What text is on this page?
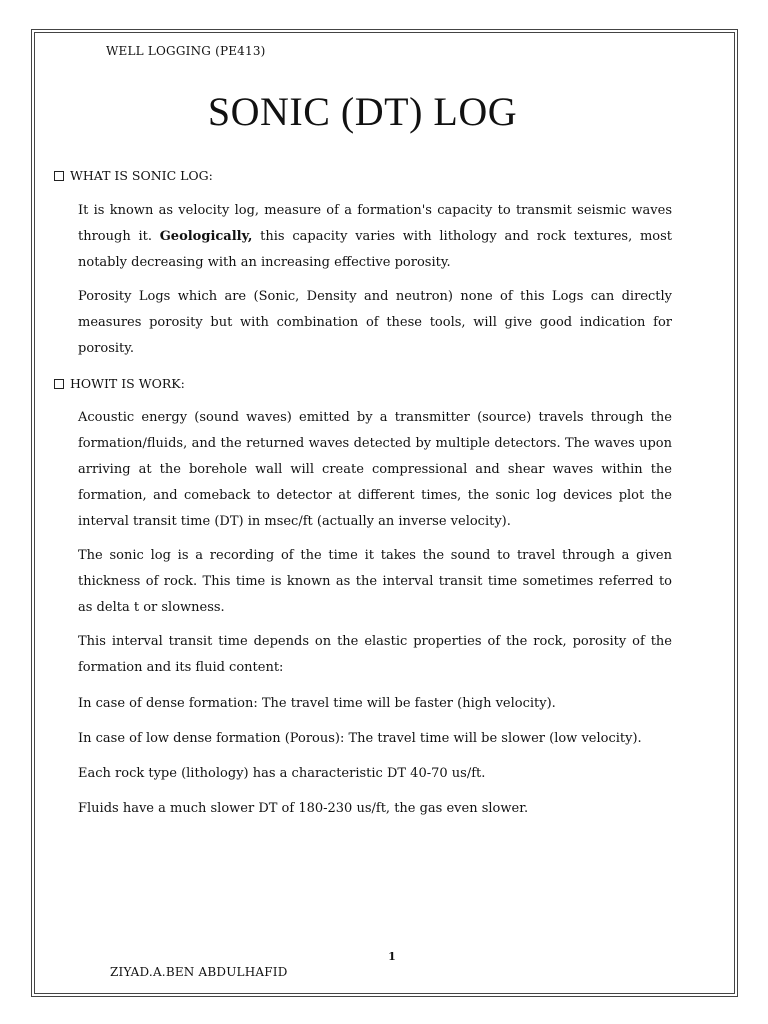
WELL LOGGING (PE413)
SONIC (DT) LOG
WHAT IS SONIC LOG:
It is known as velocity log, measure of a formation's capacity to transmit seismic waves through it. Geologically, this capacity varies with lithology and rock textures, most notably decreasing with an increasing effective porosity.
Porosity Logs which are (Sonic, Density and neutron) none of this Logs can directly measures porosity but with combination of these tools, will give good indication for porosity.
HOWIT IS WORK:
Acoustic energy (sound waves) emitted by a transmitter (source) travels through the formation/fluids, and the returned waves detected by multiple detectors. The waves upon arriving at the borehole wall will create compressional and shear waves within the formation, and comeback to detector at different times, the sonic log devices plot the interval transit time (DT) in msec/ft (actually an inverse velocity).
The sonic log is a recording of the time it takes the sound to travel through a given thickness of rock. This time is known as the interval transit time sometimes referred to as delta t or slowness.
This interval transit time depends on the elastic properties of the rock, porosity of the formation and its fluid content:
In case of dense formation: The travel time will be faster (high velocity).
In case of low dense formation (Porous): The travel time will be slower (low velocity).
Each rock type (lithology) has a characteristic DT 40-70 us/ft.
Fluids have a much slower DT of 180-230 us/ft, the gas even slower.
1
ZIYAD.A.BEN ABDULHAFID
